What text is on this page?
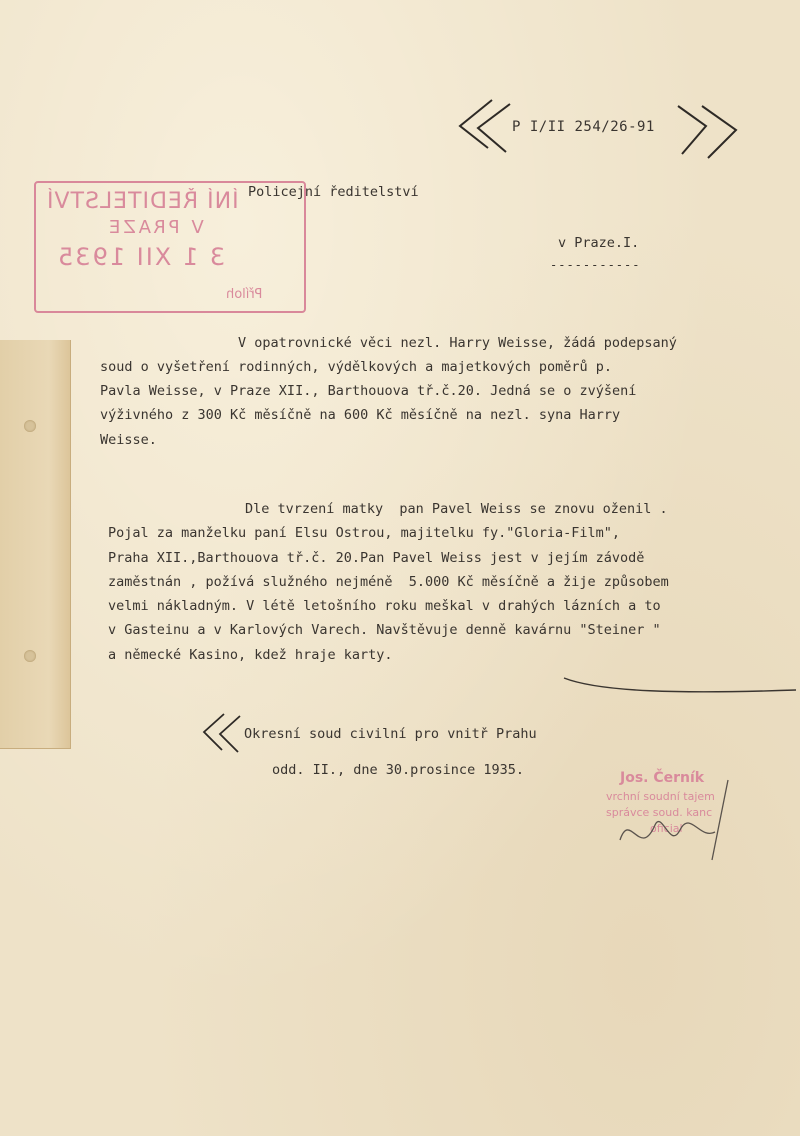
P I/II 254/26-91
ÍNÍ ŘEDITELSTVÍ
V PRAZE
3 1 XII 1935
Příloh
Policejní ředitelství
v Praze.I.
-----------

V opatrovnické věci nezl. Harry Weisse, žádá podepsaný

soud o vyšetření rodinných, výdělkových a majetkových poměrů p.

Pavla Weisse, v Praze XII., Barthouova tř.č.20. Jedná se o zvýšení

výživného z 300 Kč měsíčně na 600 Kč měsíčně na nezl. syna Harry

Weisse.

Dle tvrzení matky  pan Pavel Weiss se znovu oženil .

Pojal za manželku paní Elsu Ostrou, majitelku fy."Gloria-Film",

Praha XII.,Barthouova tř.č. 20.Pan Pavel Weiss jest v jejím závodě

zaměstnán , požívá služného nejméně  5.000 Kč měsíčně a žije způsobem

velmi nákladným. V létě letošního roku meškal v drahých lázních a to

v Gasteinu a v Karlových Varech. Navštěvuje denně kavárnu "Steiner "

a německé Kasino, kdež hraje karty.

Okresní soud civilní pro vnitř Prahu

odd. II., dne 30.prosince 1935.	Jos. Černík
vrchní soudní tajem
správce soud. kanc
oficial
